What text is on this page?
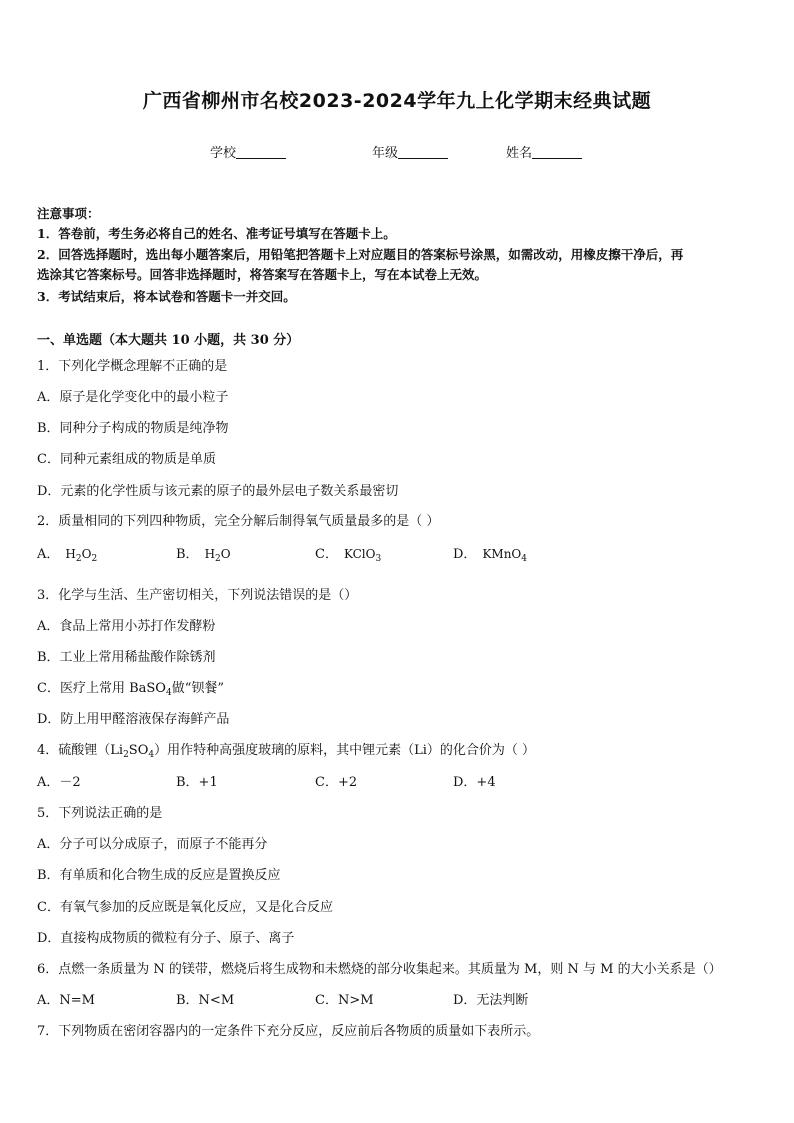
广西省柳州市名校2023-2024学年九上化学期末经典试题
学校	年级	姓名
注意事项：
1．答卷前，考生务必将自己的姓名、准考证号填写在答题卡上。
2．回答选择题时，选出每小题答案后，用铅笔把答题卡上对应题目的答案标号涂黑，如需改动，用橡皮擦干净后，再
选涂其它答案标号。回答非选择题时，将答案写在答题卡上，写在本试卷上无效。
3．考试结束后，将本试卷和答题卡一并交回。
一、单选题（本大题共 10 小题，共 30 分）
1．下列化学概念理解不正确的是
A．原子是化学变化中的最小粒子
B．同种分子构成的物质是纯净物
C．同种元素组成的物质是单质
D．元素的化学性质与该元素的原子的最外层电子数关系最密切
2．质量相同的下列四种物质，完全分解后制得氧气质量最多的是（ ）
A． $H_2O_2$	B． $H_2O$	C． KClO$_3$	D． KMnO$_4$
3．化学与生活、生产密切相关，下列说法错误的是（）
A．食品上常用小苏打作发酵粉
B．工业上常用稀盐酸作除锈剂
C．医疗上常用 BaSO$_4$做“钡餐”
D．防上用甲醛溶液保存海鲜产品
4．硫酸锂$(Li_2SO_4)$用作特种高强度玻璃的原料，其中锂元素（Li）的化合价为（ ）
A．－2	B．+1	C．+2	D．+4
5．下列说法正确的是
A．分子可以分成原子，而原子不能再分
B．有单质和化合物生成的反应是置换反应
C．有氧气参加的反应既是氧化反应，又是化合反应
D．直接构成物质的微粒有分子、原子、离子
6．点燃一条质量为 N 的镁带，燃烧后将生成物和未燃烧的部分收集起来。其质量为 M，则 N 与 M 的大小关系是（）
A．N=M	B．N<M	C．N>M	D．无法判断
7．下列物质在密闭容器内的一定条件下充分反应，反应前后各物质的质量如下表所示。
